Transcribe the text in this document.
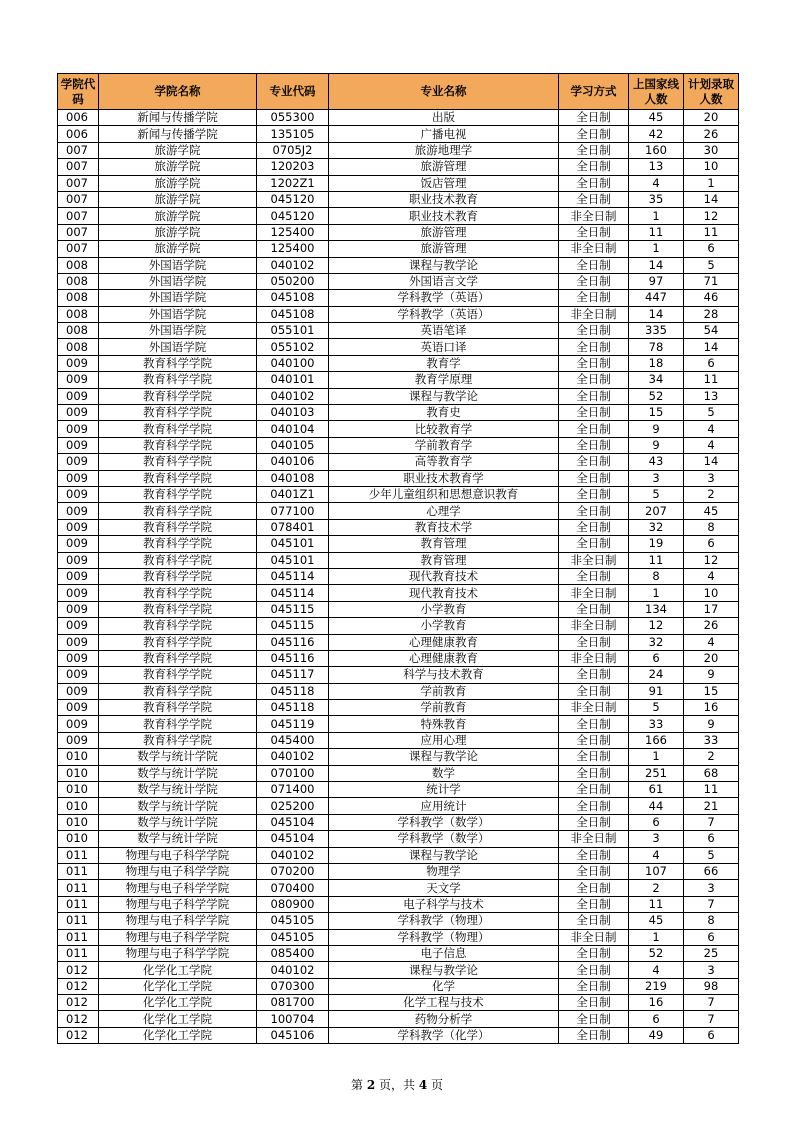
学院代码	学院名称	专业代码	专业名称	学习方式	上国家线人数	计划录取人数
006	新闻与传播学院	055300	出版	全日制	45	20
006	新闻与传播学院	135105	广播电视	全日制	42	26
007	旅游学院	0705J2	旅游地理学	全日制	160	30
007	旅游学院	120203	旅游管理	全日制	13	10
007	旅游学院	1202Z1	饭店管理	全日制	4	1
007	旅游学院	045120	职业技术教育	全日制	35	14
007	旅游学院	045120	职业技术教育	非全日制	1	12
007	旅游学院	125400	旅游管理	全日制	11	11
007	旅游学院	125400	旅游管理	非全日制	1	6
008	外国语学院	040102	课程与教学论	全日制	14	5
008	外国语学院	050200	外国语言文学	全日制	97	71
008	外国语学院	045108	学科教学（英语）	全日制	447	46
008	外国语学院	045108	学科教学（英语）	非全日制	14	28
008	外国语学院	055101	英语笔译	全日制	335	54
008	外国语学院	055102	英语口译	全日制	78	14
009	教育科学学院	040100	教育学	全日制	18	6
009	教育科学学院	040101	教育学原理	全日制	34	11
009	教育科学学院	040102	课程与教学论	全日制	52	13
009	教育科学学院	040103	教育史	全日制	15	5
009	教育科学学院	040104	比较教育学	全日制	9	4
009	教育科学学院	040105	学前教育学	全日制	9	4
009	教育科学学院	040106	高等教育学	全日制	43	14
009	教育科学学院	040108	职业技术教育学	全日制	3	3
009	教育科学学院	0401Z1	少年儿童组织和思想意识教育	全日制	5	2
009	教育科学学院	077100	心理学	全日制	207	45
009	教育科学学院	078401	教育技术学	全日制	32	8
009	教育科学学院	045101	教育管理	全日制	19	6
009	教育科学学院	045101	教育管理	非全日制	11	12
009	教育科学学院	045114	现代教育技术	全日制	8	4
009	教育科学学院	045114	现代教育技术	非全日制	1	10
009	教育科学学院	045115	小学教育	全日制	134	17
009	教育科学学院	045115	小学教育	非全日制	12	26
009	教育科学学院	045116	心理健康教育	全日制	32	4
009	教育科学学院	045116	心理健康教育	非全日制	6	20
009	教育科学学院	045117	科学与技术教育	全日制	24	9
009	教育科学学院	045118	学前教育	全日制	91	15
009	教育科学学院	045118	学前教育	非全日制	5	16
009	教育科学学院	045119	特殊教育	全日制	33	9
009	教育科学学院	045400	应用心理	全日制	166	33
010	数学与统计学院	040102	课程与教学论	全日制	1	2
010	数学与统计学院	070100	数学	全日制	251	68
010	数学与统计学院	071400	统计学	全日制	61	11
010	数学与统计学院	025200	应用统计	全日制	44	21
010	数学与统计学院	045104	学科教学（数学）	全日制	6	7
010	数学与统计学院	045104	学科教学（数学）	非全日制	3	6
011	物理与电子科学学院	040102	课程与教学论	全日制	4	5
011	物理与电子科学学院	070200	物理学	全日制	107	66
011	物理与电子科学学院	070400	天文学	全日制	2	3
011	物理与电子科学学院	080900	电子科学与技术	全日制	11	7
011	物理与电子科学学院	045105	学科教学（物理）	全日制	45	8
011	物理与电子科学学院	045105	学科教学（物理）	非全日制	1	6
011	物理与电子科学学院	085400	电子信息	全日制	52	25
012	化学化工学院	040102	课程与教学论	全日制	4	3
012	化学化工学院	070300	化学	全日制	219	98
012	化学化工学院	081700	化学工程与技术	全日制	16	7
012	化学化工学院	100704	药物分析学	全日制	6	7
012	化学化工学院	045106	学科教学（化学）	全日制	49	6
第 2 页，共 4 页
